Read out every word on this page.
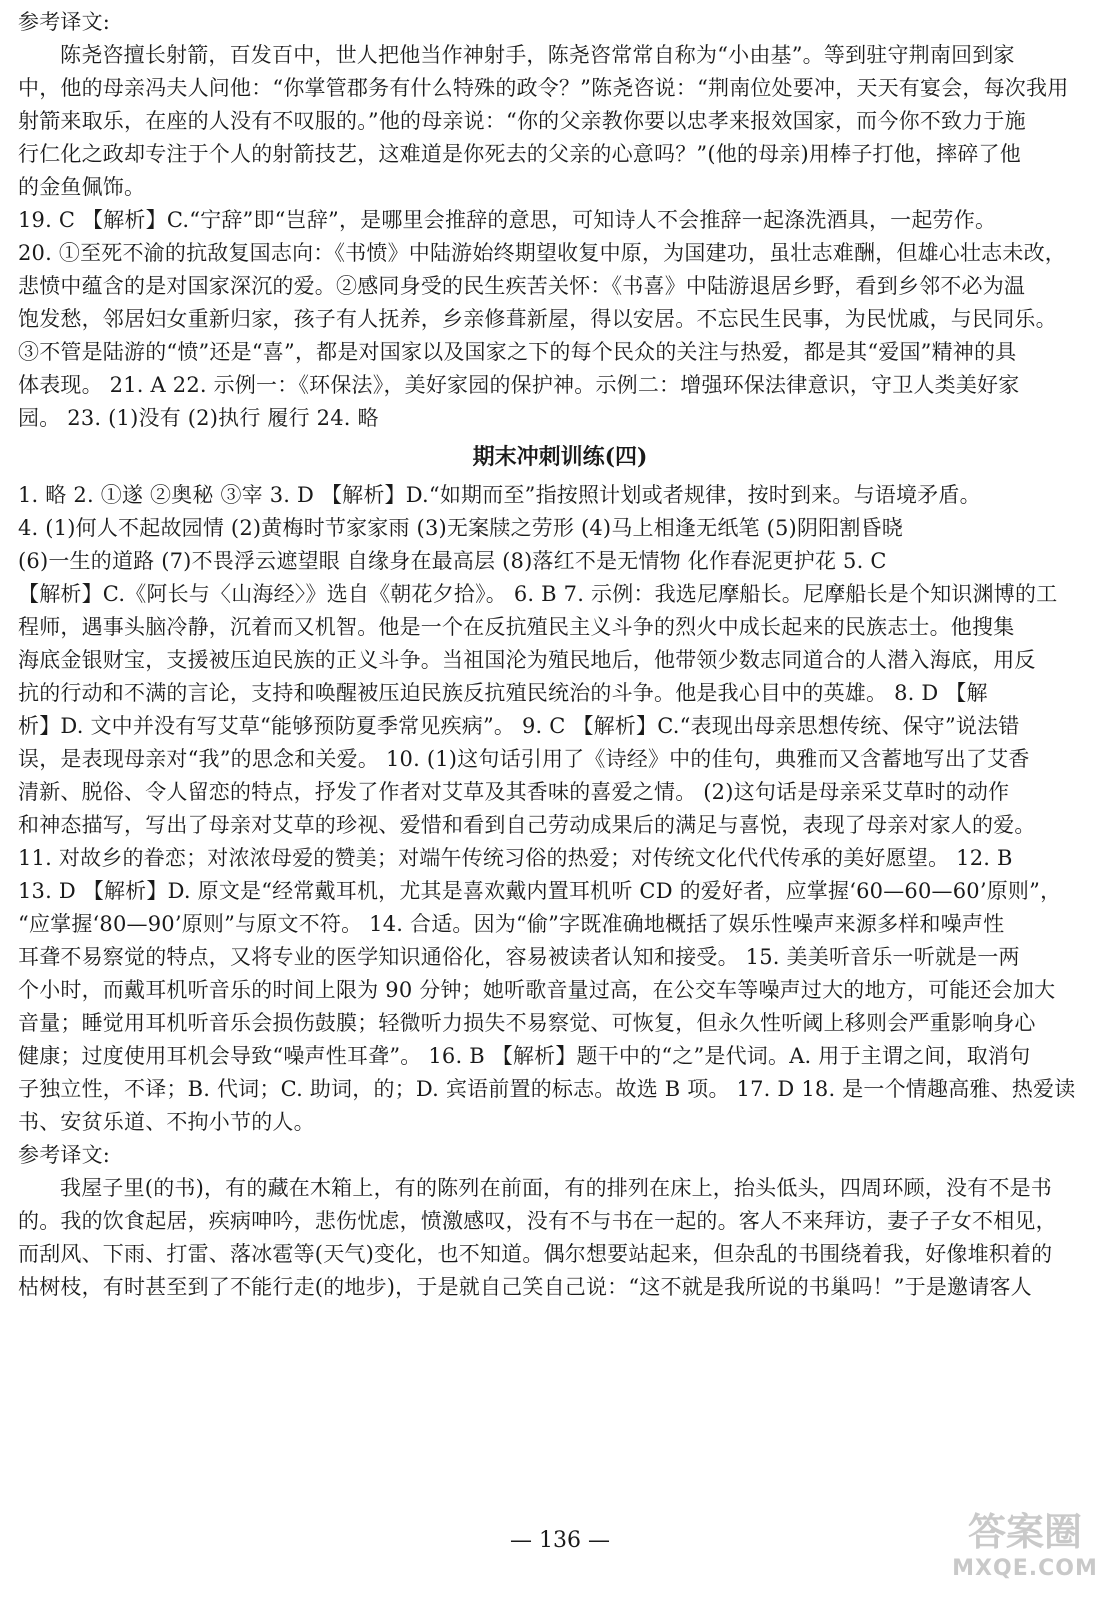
参考译文:
陈尧咨擅长射箭，百发百中，世人把他当作神射手，陈尧咨常常自称为“小由基”。等到驻守荆南回到家
中，他的母亲冯夫人问他：“你掌管郡务有什么特殊的政令？”陈尧咨说：“荆南位处要冲，天天有宴会，每次我用
射箭来取乐，在座的人没有不叹服的。”他的母亲说：“你的父亲教你要以忠孝来报效国家，而今你不致力于施
行仁化之政却专注于个人的射箭技艺，这难道是你死去的父亲的心意吗？”(他的母亲)用棒子打他，摔碎了他
的金鱼佩饰。
19. C 【解析】C.“宁辞”即“岂辞”，是哪里会推辞的意思，可知诗人不会推辞一起涤洗酒具，一起劳作。
20. ①至死不渝的抗敌复国志向：《书愤》中陆游始终期望收复中原，为国建功，虽壮志难酬，但雄心壮志未改，
悲愤中蕴含的是对国家深沉的爱。②感同身受的民生疾苦关怀：《书喜》中陆游退居乡野，看到乡邻不必为温
饱发愁，邻居妇女重新归家，孩子有人抚养，乡亲修葺新屋，得以安居。不忘民生民事，为民忧戚，与民同乐。
③不管是陆游的“愤”还是“喜”，都是对国家以及国家之下的每个民众的关注与热爱，都是其“爱国”精神的具
体表现。 21. A 22. 示例一：《环保法》，美好家园的保护神。示例二：增强环保法律意识，守卫人类美好家
园。 23. (1)没有 (2)执行 履行 24. 略
期末冲刺训练(四)
1. 略 2. ①遂 ②奥秘 ③宰 3. D 【解析】D.“如期而至”指按照计划或者规律，按时到来。与语境矛盾。
4. (1)何人不起故园情 (2)黄梅时节家家雨 (3)无案牍之劳形 (4)马上相逢无纸笔 (5)阴阳割昏晓
(6)一生的道路 (7)不畏浮云遮望眼 自缘身在最高层 (8)落红不是无情物 化作春泥更护花 5. C
【解析】C.《阿长与〈山海经〉》选自《朝花夕拾》。 6. B 7. 示例：我选尼摩船长。尼摩船长是个知识渊博的工
程师，遇事头脑冷静，沉着而又机智。他是一个在反抗殖民主义斗争的烈火中成长起来的民族志士。他搜集
海底金银财宝，支援被压迫民族的正义斗争。当祖国沦为殖民地后，他带领少数志同道合的人潜入海底，用反
抗的行动和不满的言论，支持和唤醒被压迫民族反抗殖民统治的斗争。他是我心目中的英雄。 8. D 【解
析】D. 文中并没有写艾草“能够预防夏季常见疾病”。 9. C 【解析】C.“表现出母亲思想传统、保守”说法错
误，是表现母亲对“我”的思念和关爱。 10. (1)这句话引用了《诗经》中的佳句，典雅而又含蓄地写出了艾香
清新、脱俗、令人留恋的特点，抒发了作者对艾草及其香味的喜爱之情。 (2)这句话是母亲采艾草时的动作
和神态描写，写出了母亲对艾草的珍视、爱惜和看到自己劳动成果后的满足与喜悦，表现了母亲对家人的爱。
11. 对故乡的眷恋；对浓浓母爱的赞美；对端午传统习俗的热爱；对传统文化代代传承的美好愿望。 12. B
13. D 【解析】D. 原文是“经常戴耳机，尤其是喜欢戴内置耳机听 CD 的爱好者，应掌握‘60—60—60’原则”，
“应掌握‘80—90’原则”与原文不符。 14. 合适。因为“偷”字既准确地概括了娱乐性噪声来源多样和噪声性
耳聋不易察觉的特点，又将专业的医学知识通俗化，容易被读者认知和接受。 15. 美美听音乐一听就是一两
个小时，而戴耳机听音乐的时间上限为 90 分钟；她听歌音量过高，在公交车等噪声过大的地方，可能还会加大
音量；睡觉用耳机听音乐会损伤鼓膜；轻微听力损失不易察觉、可恢复，但永久性听阈上移则会严重影响身心
健康；过度使用耳机会导致“噪声性耳聋”。 16. B 【解析】题干中的“之”是代词。A. 用于主谓之间，取消句
子独立性，不译；B. 代词；C. 助词，的；D. 宾语前置的标志。故选 B 项。 17. D 18. 是一个情趣高雅、热爱读
书、安贫乐道、不拘小节的人。
参考译文:
我屋子里(的书)，有的藏在木箱上，有的陈列在前面，有的排列在床上，抬头低头，四周环顾，没有不是书
的。我的饮食起居，疾病呻吟，悲伤忧虑，愤激感叹，没有不与书在一起的。客人不来拜访，妻子子女不相见，
而刮风、下雨、打雷、落冰雹等(天气)变化，也不知道。偶尔想要站起来，但杂乱的书围绕着我，好像堆积着的
枯树枝，有时甚至到了不能行走(的地步)，于是就自己笑自己说：“这不就是我所说的书巢吗！”于是邀请客人
— 136 —	答案圈
MXQE.COM
